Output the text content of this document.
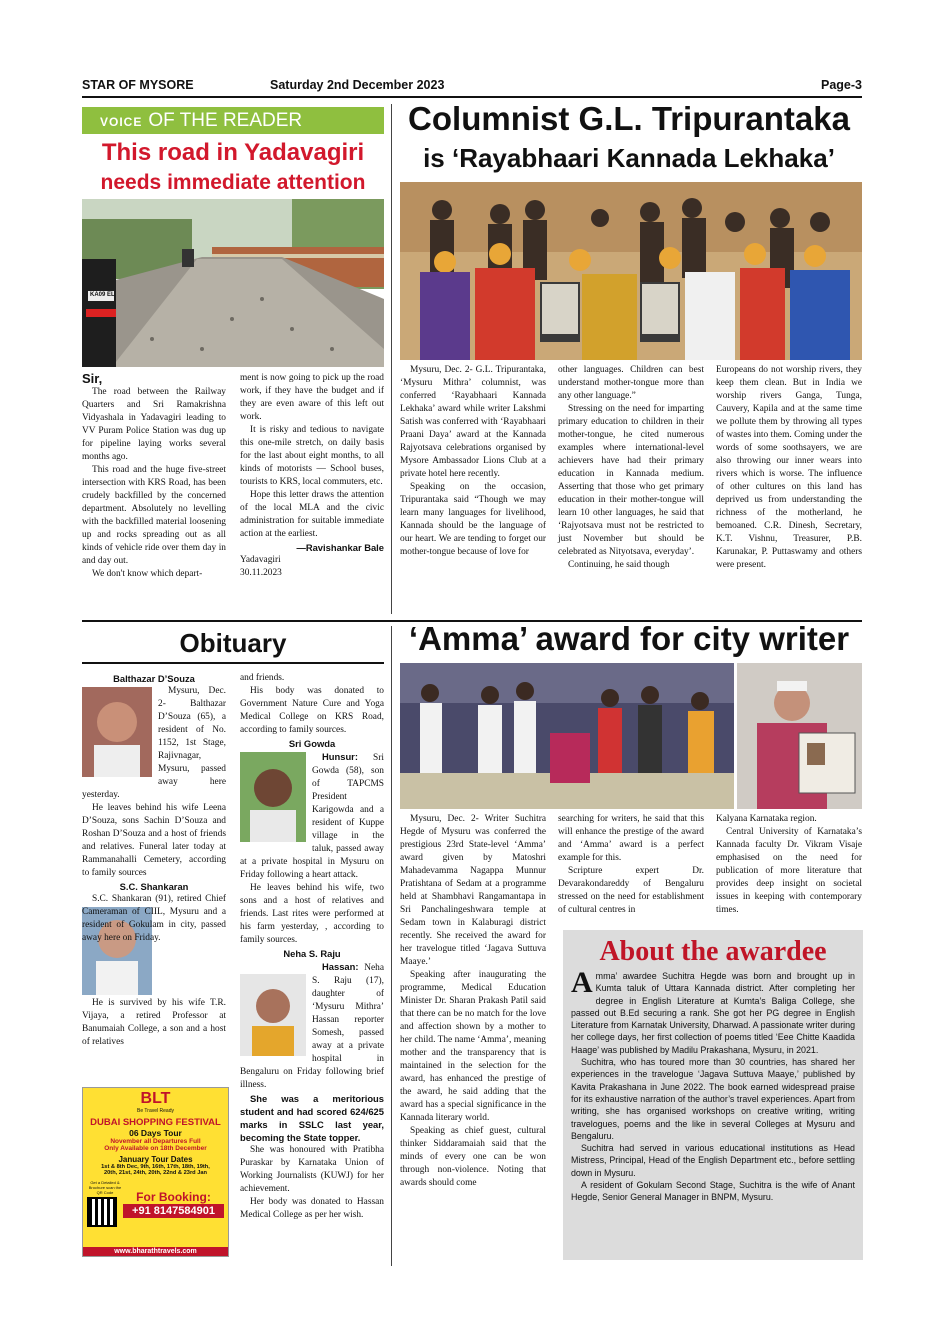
STAR OF MYSORE	Saturday 2nd December 2023	Page-3
VOICE OF THE READER
This road in Yadavagiri
needs immediate attention
KA09 EL

Sir,

The road between the Railway Quarters and Sri Ramakrishna Vidyashala in Yadavagiri leading to VV Puram Police Station was dug up for pipeline laying works several months ago.

This road and the huge five-street intersection with KRS Road, has been crudely backfilled by the concerned department. Absolutely no levelling with the backfilled material loosening up and rocks spreading out as all kinds of vehicle ride over them day in and day out.

We don't know which depart-

ment is now going to pick up the road work, if they have the budget and if they are even aware of this left out work.

It is risky and tedious to navigate this one-mile stretch, on daily basis for the last about eight months, to all kinds of motorists — School buses, tourists to KRS, local commuters, etc.

Hope this letter draws the attention of the local MLA and the civic administration for suitable immediate action at the earliest.

—Ravishankar Bale

Yadavagiri

30.11.2023

Columnist G.L. Tripurantaka
is ‘Rayabhaari Kannada Lekhaka’

Mysuru, Dec. 2- G.L. Tripurantaka, ‘Mysuru Mithra’ columnist, was conferred ‘Rayabhaari Kannada Lekhaka’ award while writer Lakshmi Satish was conferred with ‘Rayabhaari Praani Daya’ award at the Kannada Rajyotsava celebrations organised by Mysore Ambassador Lions Club at a private hotel here recently.

Speaking on the occasion, Tripurantaka said “Though we may learn many languages for livelihood, Kannada should be the language of our heart. We are tending to forget our mother-tongue because of love for

other languages. Children can best understand mother-tongue more than any other language.”

Stressing on the need for imparting primary education to children in their mother-tongue, he cited numerous examples where international-level achievers have had their primary education in Kannada medium. Asserting that those who get primary education in their mother-tongue will learn 10 other languages, he said that ‘Rajyotsava must not be restricted to just November but should be celebrated as Nityotsava, everyday’.

Continuing, he said though

Europeans do not worship rivers, they keep them clean. But in India we worship rivers Ganga, Tunga, Cauvery, Kapila and at the same time we pollute them by throwing all types of wastes into them. Coming under the words of some soothsayers, we are also throwing our inner wears into rivers which is worse. The influence of other cultures on this land has deprived us from understanding the richness of the motherland, he bemoaned. C.R. Dinesh, Secretary, K.T. Vishnu, Treasurer, P.B. Karunakar, P. Puttaswamy and others were present.

Obituary
Balthazar D’Souza

Mysuru, Dec. 2- Balthazar D’Souza (65), a resident of No. 1152, 1st Stage, Rajivnagar, Mysuru, passed away here yesterday.

He leaves behind his wife Leena D’Souza, sons Sachin D’Souza and Roshan D’Souza and a host of friends and relatives. Funeral later today at Rammanahalli Cemetery, according to family sources

S.C. Shankaran

S.C. Shankaran (91), retired Chief Cameraman of CIIL, Mysuru and a resident of Gokulam in city, passed away here on Friday.

He is survived by his wife T.R. Vijaya, a retired Professor at Banumaiah College, a son and a host of relatives

and friends.

His body was donated to Government Nature Cure and Yoga Medical College on KRS Road, according to family sources.

Sri Gowda

Hunsur: Sri Gowda (58), son of TAPCMS President Karigowda and a resident of Kuppe village in the taluk, passed away at a private hospital in Mysuru on Friday following a heart attack.

He leaves behind his wife, two sons and a host of relatives and friends. Last rites were performed at his farm yesterday, , according to family sources.

Neha S. Raju

Hassan: Neha S. Raju (17), daughter of ‘Mysuru Mithra’ Hassan reporter Somesh, passed away at a private hospital in Bengaluru on Friday following brief illness.

She was a meritorious student and had scored 624/625 marks in SSLC last year, becoming the State topper.

She was honoured with Pratibha Puraskar by Karnataka Union of Working Journalists (KUWJ) for her achievement.

Her body was donated to Hassan Medical College as per her wish.

BLT
Be Travel Ready
DUBAI SHOPPING FESTIVAL
06 Days Tour
November all Departures Full
Only Available on 18th December
January Tour Dates
1st & 8th Dec, 9th, 16th, 17th, 18th, 19th,
20th, 21st, 24th, 20th, 22nd & 23rd Jan
Get a Detailed & Brochure scan the QR Code	For Booking:
+91 8147584901
www.bharathtravels.com
‘Amma’ award for city writer

Mysuru, Dec. 2- Writer Suchitra Hegde of Mysuru was conferred the prestigious 23rd State-level ‘Amma’ award given by Matoshri Mahadevamma Nagappa Munnur Pratishtana of Sedam at a programme held at Shambhavi Rangamantapa in Sri Panchalingeshwara temple at Sedam town in Kalaburagi district recently. She received the award for her travelogue titled ‘Jagava Suttuva Maaye.’

Speaking after inaugurating the programme, Medical Education Minister Dr. Sharan Prakash Patil said that there can be no match for the love and affection shown by a mother to her child. The name ‘Amma’, meaning mother and the transparency that is maintained in the selection for the award, has enhanced the prestige of the award, he said adding that the award has a special significance in the Kannada literary world.

Speaking as chief guest, cultural thinker Siddaramaiah said that the minds of every one can be won through non-violence. Noting that awards should come

searching for writers, he said that this will enhance the prestige of the award and ‘Amma’ award is a perfect example for this.

Scripture expert Dr. Devarakondareddy of Bengaluru stressed on the need for establishment of cultural centres in

Kalyana Karnataka region.

Central University of Karnataka’s Kannada faculty Dr. Vikram Visaje emphasised on the need for publication of more literature that provides deep insight on societal issues in keeping with contemporary times.

About the awardee

Amma’ awardee Suchitra Hegde was born and brought up in Kumta taluk of Uttara Kannada district. After completing her degree in English Literature at Kumta’s Baliga College, she passed out B.Ed securing a rank. She got her PG degree in English Literature from Karnatak University, Dharwad. A passionate writer during her college days, her first collection of poems titled ‘Eee Chitte Kaadida Haage’ was published by Madilu Prakashana, Mysuru, in 2021.

Suchitra, who has toured more than 30 countries, has shared her experiences in the travelogue ‘Jagava Suttuva Maaye,’ published by Kavita Prakashana in June 2022. The book earned widespread praise for its exhaustive narration of the author’s travel experiences. Apart from writing, she has organised workshops on creative writing, writing travelogues, poems and the like in several Colleges at Mysuru and Bengaluru.

Suchitra had served in various educational institutions as Head Mistress, Principal, Head of the English Department etc., before settling down in Mysuru.

A resident of Gokulam Second Stage, Suchitra is the wife of Anant Hegde, Senior General Manager in BNPM, Mysuru.
